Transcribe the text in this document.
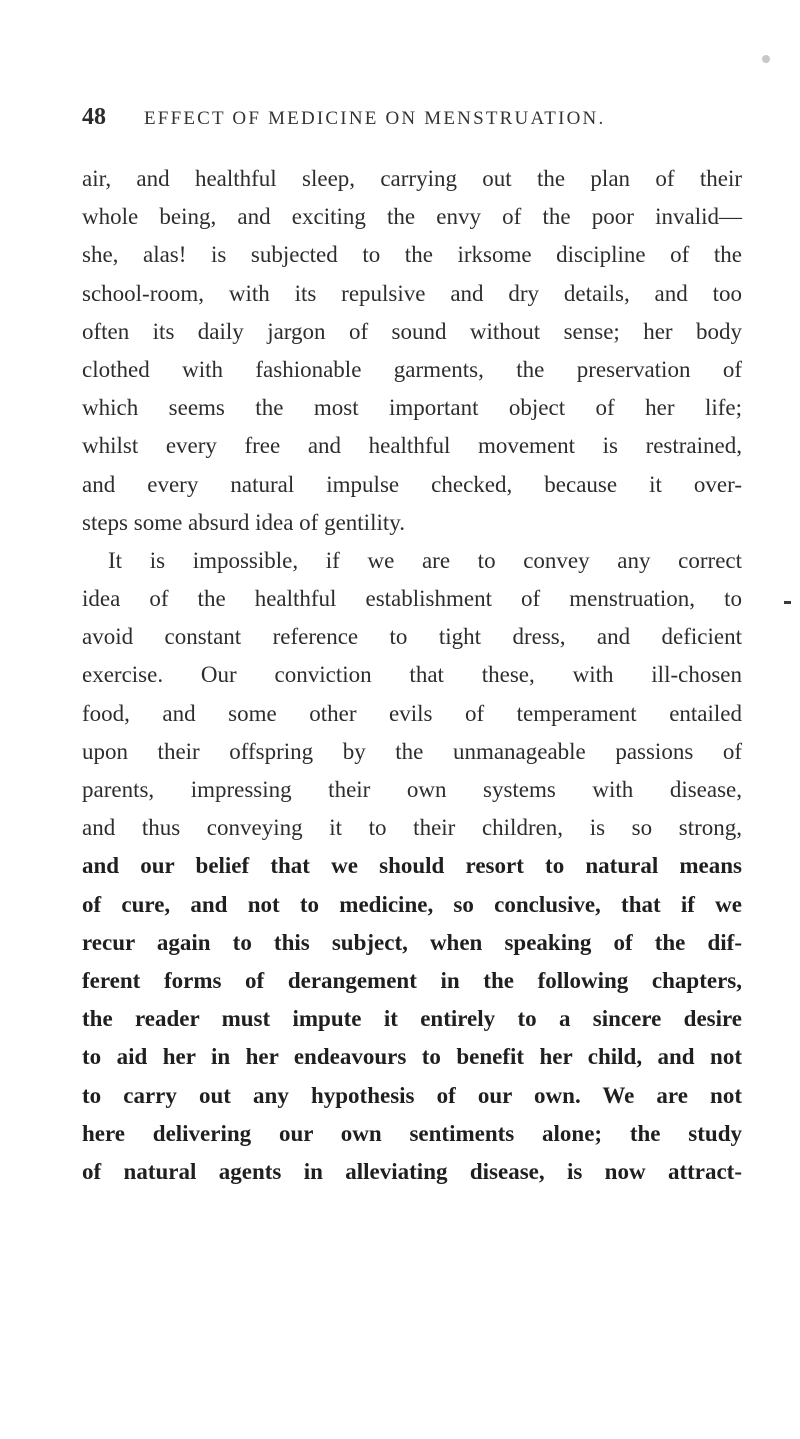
48 EFFECT OF MEDICINE ON MENSTRUATION.
air, and healthful sleep, carrying out the plan of their
whole being, and exciting the envy of the poor invalid—
she, alas! is subjected to the irksome discipline of the
school-room, with its repulsive and dry details, and too
often its daily jargon of sound without sense; her body
clothed with fashionable garments, the preservation of
which seems the most important object of her life;
whilst every free and healthful movement is restrained,
and every natural impulse checked, because it over-
steps some absurd idea of gentility.
It is impossible, if we are to convey any correct
idea of the healthful establishment of menstruation, to
avoid constant reference to tight dress, and deficient
exercise. Our conviction that these, with ill-chosen
food, and some other evils of temperament entailed
upon their offspring by the unmanageable passions of
parents, impressing their own systems with disease,
and thus conveying it to their children, is so strong,
and our belief that we should resort to natural means
of cure, and not to medicine, so conclusive, that if we
recur again to this subject, when speaking of the dif-
ferent forms of derangement in the following chapters,
the reader must impute it entirely to a sincere desire
to aid her in her endeavours to benefit her child, and not
to carry out any hypothesis of our own. We are not
here delivering our own sentiments alone; the study
of natural agents in alleviating disease, is now attract-
